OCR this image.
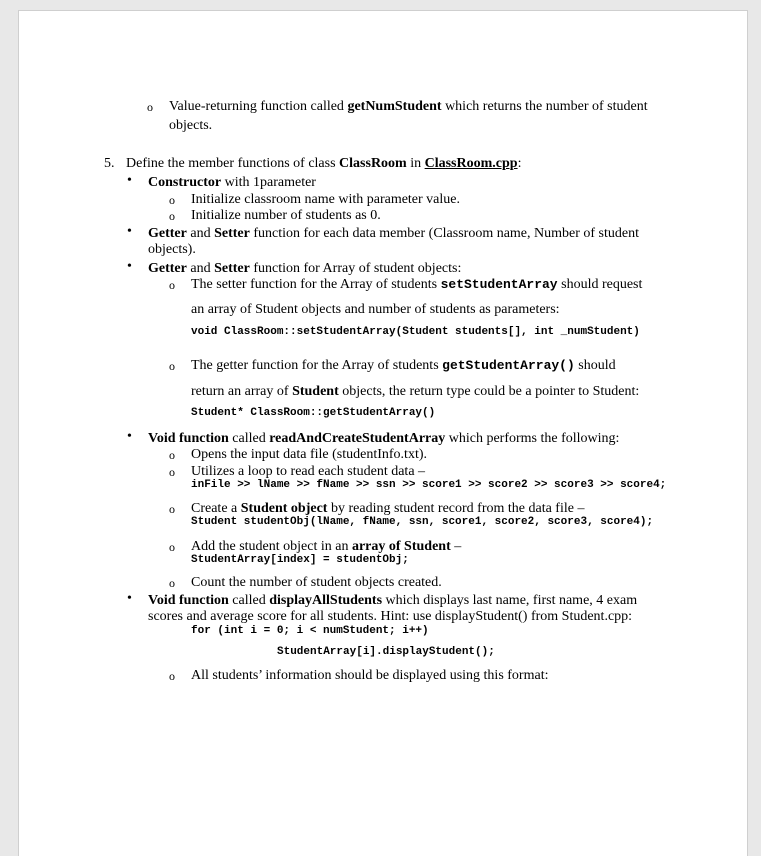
o Value-returning function called getNumStudent which returns the number of student
objects.
5. Define the member functions of class ClassRoom in ClassRoom.cpp:
• Constructor with 1parameter
o Initialize classroom name with parameter value.
o Initialize number of students as 0.
• Getter and Setter function for each data member (Classroom name, Number of student
objects).
• Getter and Setter function for Array of student objects:
o The setter function for the Array of students setStudentArray should request
an array of Student objects and number of students as parameters:
void ClassRoom::setStudentArray(Student students[], int _numStudent)
o The getter function for the Array of students getStudentArray() should
return an array of Student objects, the return type could be a pointer to Student:
Student* ClassRoom::getStudentArray()
• Void function called readAndCreateStudentArray which performs the following:
o Opens the input data file (studentInfo.txt).
o Utilizes a loop to read each student data –
inFile >> lName >> fName >> ssn >> score1 >> score2 >> score3 >> score4;
o Create a Student object by reading student record from the data file –
Student studentObj(lName, fName, ssn, score1, score2, score3, score4);
o Add the student object in an array of Student –
StudentArray[index] = studentObj;
o Count the number of student objects created.
• Void function called displayAllStudents which displays last name, first name, 4 exam
scores and average score for all students. Hint: use displayStudent() from Student.cpp:
for (int i = 0; i < numStudent; i++)
StudentArray[i].displayStudent();
o All students’ information should be displayed using this format:
